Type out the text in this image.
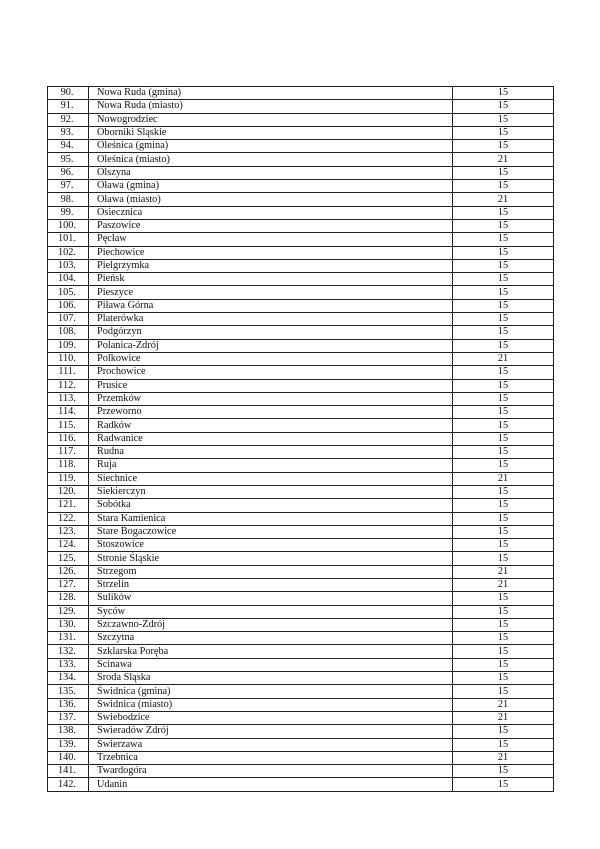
90.	Nowa Ruda (gmina)	15
91.	Nowa Ruda (miasto)	15
92.	Nowogrodziec	15
93.	Oborniki Śląskie	15
94.	Oleśnica (gmina)	15
95.	Oleśnica (miasto)	21
96.	Olszyna	15
97.	Oława (gmina)	15
98.	Oława (miasto)	21
99.	Osiecznica	15
100.	Paszowice	15
101.	Pęcław	15
102.	Piechowice	15
103.	Pielgrzymka	15
104.	Pieńsk	15
105.	Pieszyce	15
106.	Piława Górna	15
107.	Platerówka	15
108.	Podgórzyn	15
109.	Polanica-Zdrój	15
110.	Polkowice	21
111.	Prochowice	15
112.	Prusice	15
113.	Przemków	15
114.	Przeworno	15
115.	Radków	15
116.	Radwanice	15
117.	Rudna	15
118.	Ruja	15
119.	Siechnice	21
120.	Siekierczyn	15
121.	Sobótka	15
122.	Stara Kamienica	15
123.	Stare Bogaczowice	15
124.	Stoszowice	15
125.	Stronie Śląskie	15
126.	Strzegom	21
127.	Strzelin	21
128.	Sulików	15
129.	Syców	15
130.	Szczawno-Zdrój	15
131.	Szczytna	15
132.	Szklarska Poręba	15
133.	Ścinawa	15
134.	Środa Śląska	15
135.	Świdnica (gmina)	15
136.	Świdnica (miasto)	21
137.	Świebodzice	21
138.	Świeradów Zdrój	15
139.	Świerzawa	15
140.	Trzebnica	21
141.	Twardogóra	15
142.	Udanin	15
